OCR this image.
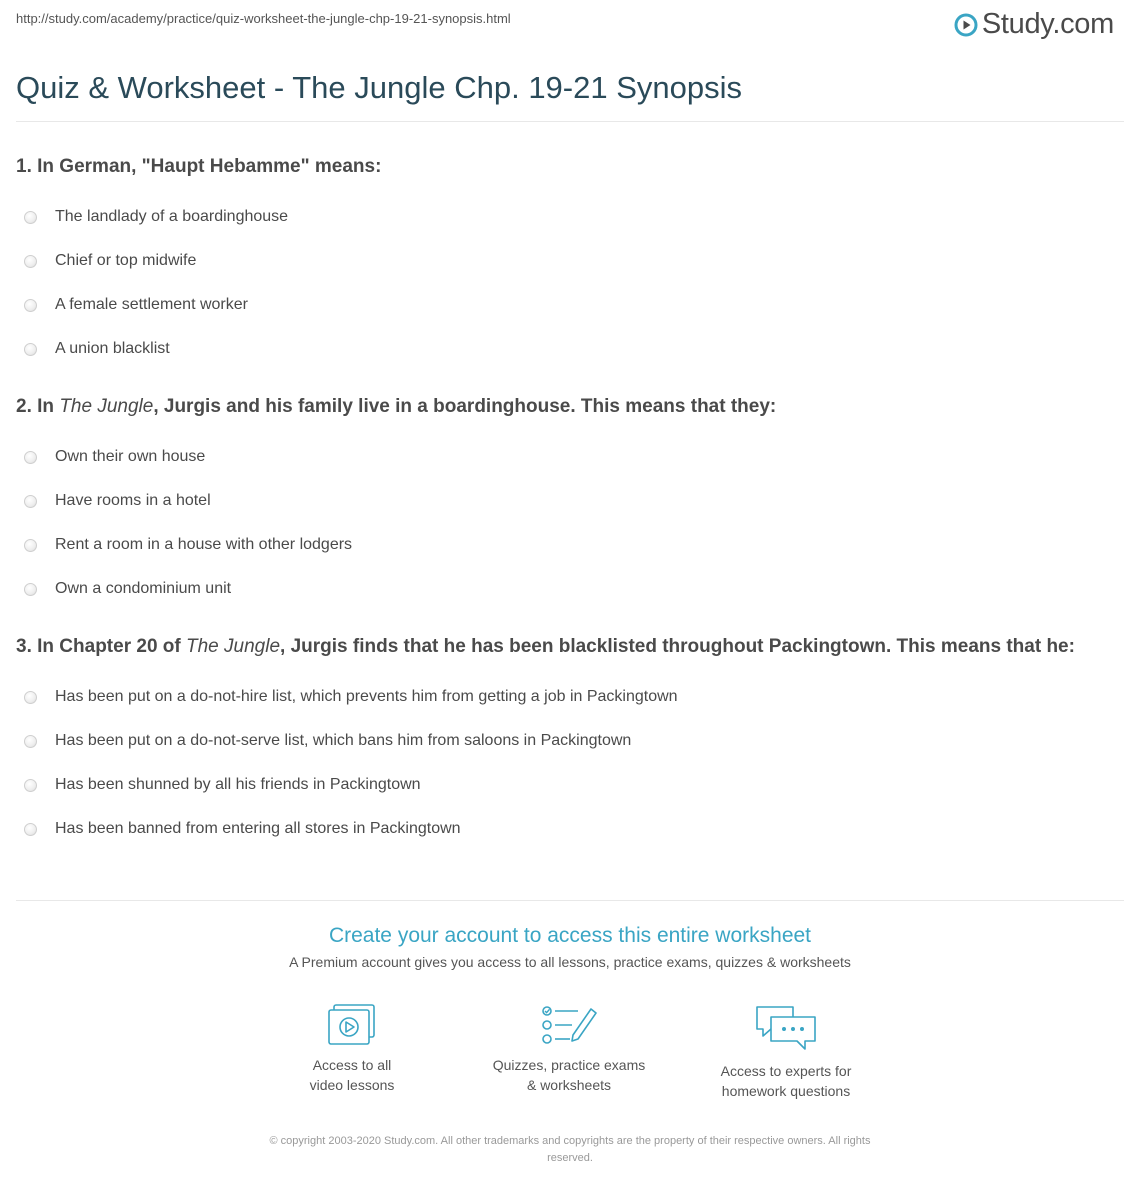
http://study.com/academy/practice/quiz-worksheet-the-jungle-chp-19-21-synopsis.html	Study.com
Quiz & Worksheet - The Jungle Chp. 19-21 Synopsis

1. In German, "Haupt Hebamme" means:

The landlady of a boardinghouse
Chief or top midwife
A female settlement worker
A union blacklist

2. In The Jungle, Jurgis and his family live in a boardinghouse. This means that they:

Own their own house
Have rooms in a hotel
Rent a room in a house with other lodgers
Own a condominium unit

3. In Chapter 20 of The Jungle, Jurgis finds that he has been blacklisted throughout Packingtown. This means that he:

Has been put on a do-not-hire list, which prevents him from getting a job in Packingtown
Has been put on a do-not-serve list, which bans him from saloons in Packingtown
Has been shunned by all his friends in Packingtown
Has been banned from entering all stores in Packingtown

Create your account to access this entire worksheet

A Premium account gives you access to all lessons, practice exams, quizzes & worksheets
Access to all
video lessons
Quizzes, practice exams
& worksheets
Access to experts for
homework questions
© copyright 2003-2020 Study.com. All other trademarks and copyrights are the property of their respective owners. All rights
reserved.
